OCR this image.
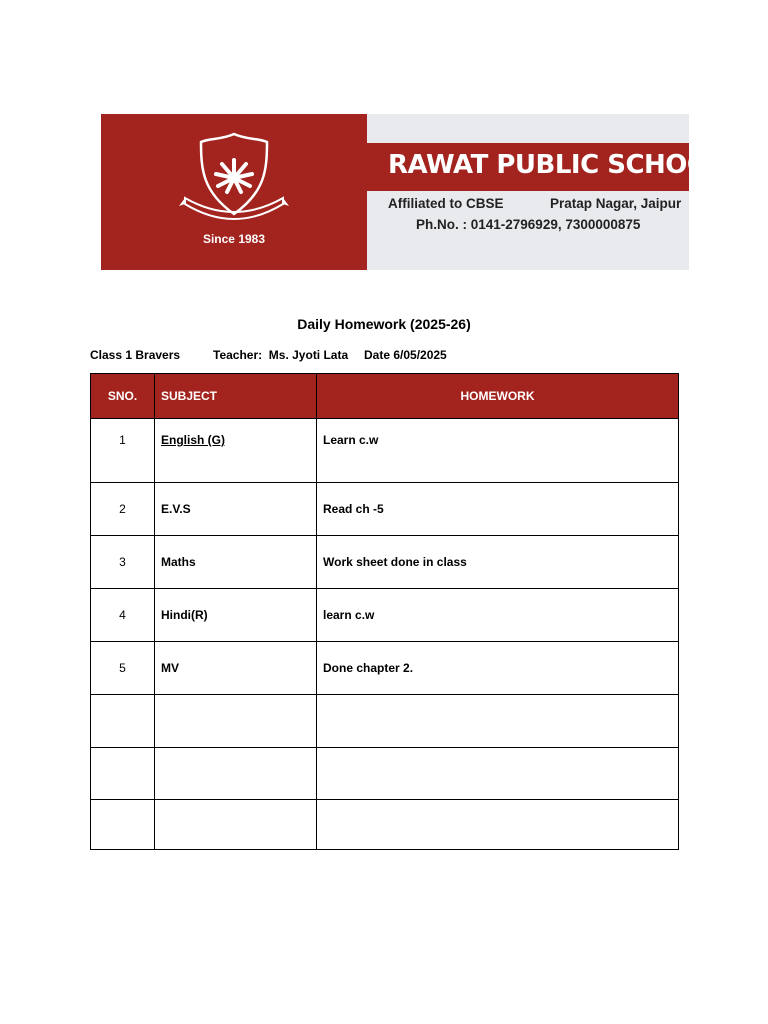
Since 1983
RAWAT PUBLIC SCHOOL
Affiliated to CBSE	Pratap Nagar, Jaipur
Ph.No. : 0141-2796929, 7300000875
Daily Homework (2025-26)
Class 1 Bravers	Teacher:  Ms. Jyoti Lata Date 6/05/2025
SNO.	SUBJECT	HOMEWORK
1	English (G)	Learn c.w
2	E.V.S	Read ch -5
3	Maths	Work sheet done in class
4	Hindi(R)	learn c.w
5	MV	Done chapter 2.
